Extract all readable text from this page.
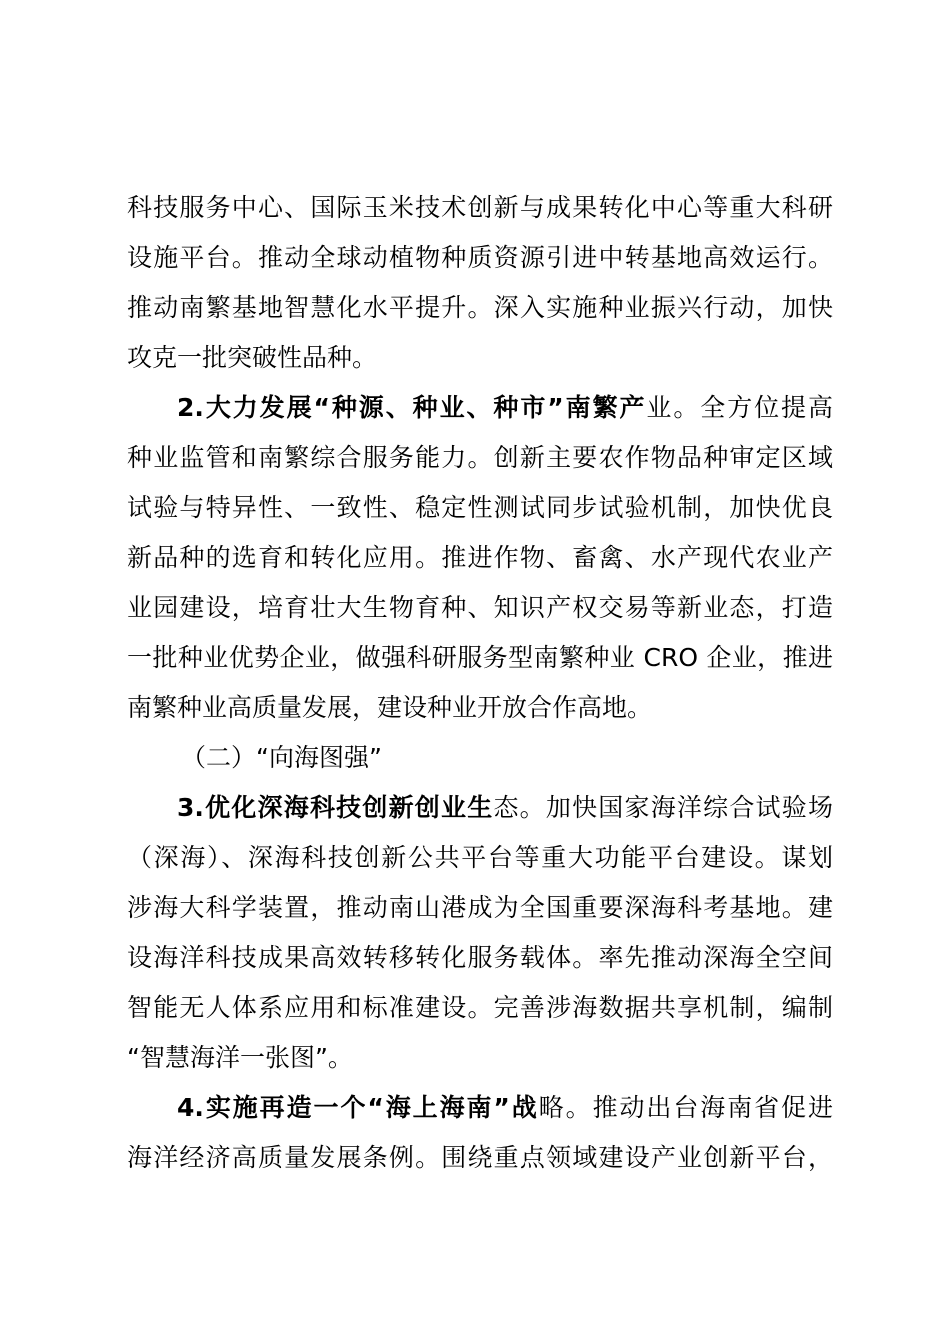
科技服务中心、国际玉米技术创新与成果转化中心等重大科研
设施平台。推动全球动植物种质资源引进中转基地高效运行。
推动南繁基地智慧化水平提升。深入实施种业振兴行动，加快
攻克一批突破性品种。
2.大力发展“种源、种业、种市”南繁产业。全方位提高
种业监管和南繁综合服务能力。创新主要农作物品种审定区域
试验与特异性、一致性、稳定性测试同步试验机制，加快优良
新品种的选育和转化应用。推进作物、畜禽、水产现代农业产
业园建设，培育壮大生物育种、知识产权交易等新业态，打造
一批种业优势企业，做强科研服务型南繁种业 CRO 企业，推进
南繁种业高质量发展，建设种业开放合作高地。
（二）“向海图强”
3.优化深海科技创新创业生态。加快国家海洋综合试验场
（深海）、深海科技创新公共平台等重大功能平台建设。谋划
涉海大科学装置，推动南山港成为全国重要深海科考基地。建
设海洋科技成果高效转移转化服务载体。率先推动深海全空间
智能无人体系应用和标准建设。完善涉海数据共享机制，编制
“智慧海洋一张图”。
4.实施再造一个“海上海南”战略。推动出台海南省促进
海洋经济高质量发展条例。围绕重点领域建设产业创新平台，
